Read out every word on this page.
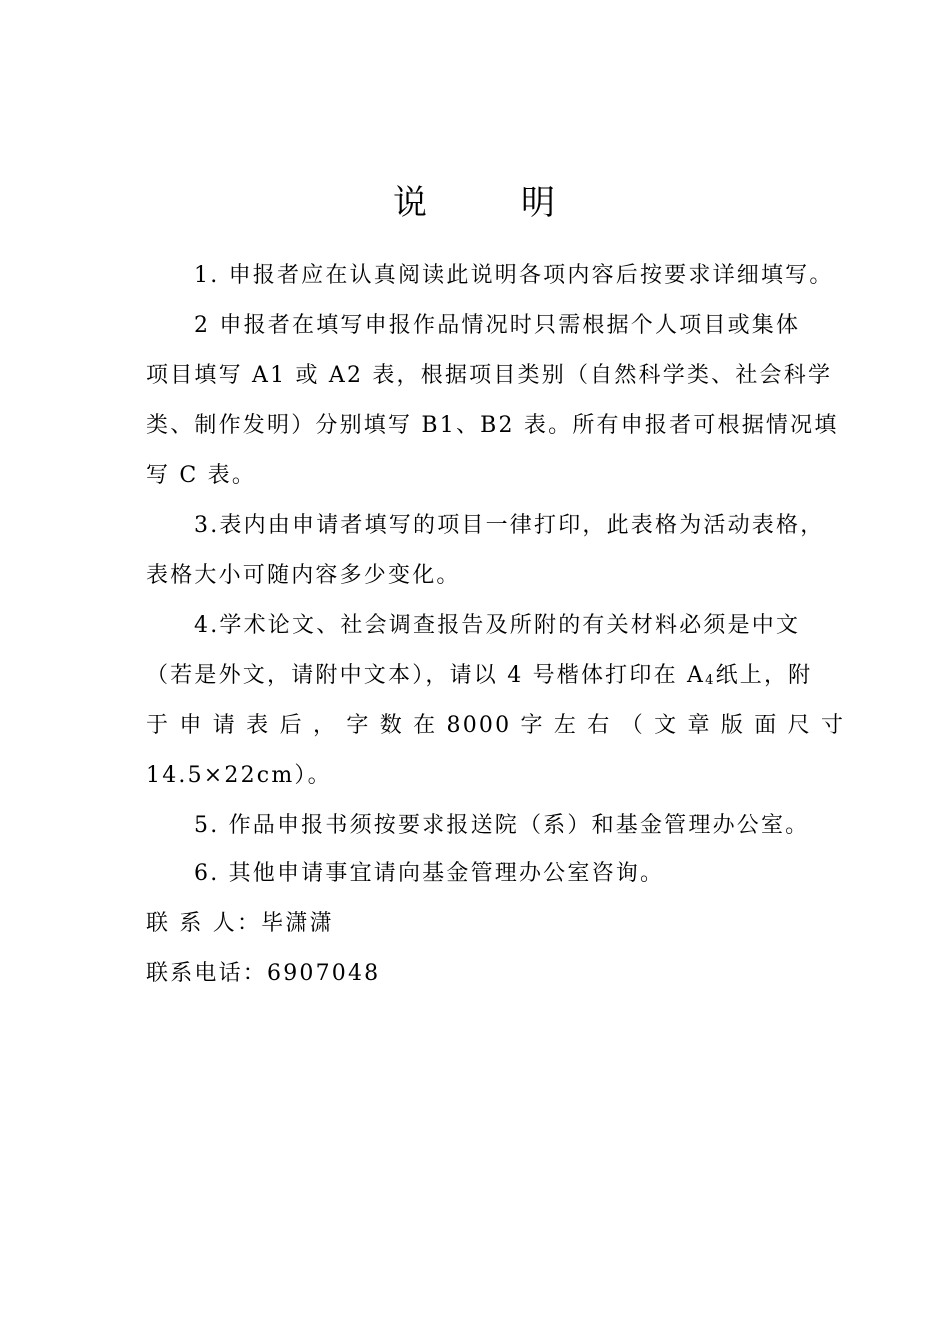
说	明
1. 申报者应在认真阅读此说明各项内容后按要求详细填写。
2 申报者在填写申报作品情况时只需根据个人项目或集体
项目填写 A1 或 A2 表，根据项目类别（自然科学类、社会科学
类、制作发明）分别填写 B1、B2 表。所有申报者可根据情况填
写 C 表。
3.表内由申请者填写的项目一律打印，此表格为活动表格，
表格大小可随内容多少变化。
4.学术论文、社会调查报告及所附的有关材料必须是中文
（若是外文，请附中文本），请以 4 号楷体打印在 $A_4$纸上，附
于 申 请 表 后 ， 字 数 在 8000 字 左 右 （ 文 章 版 面 尺 寸
14.5×22cm）。
5. 作品申报书须按要求报送院（系）和基金管理办公室。
6. 其他申请事宜请向基金管理办公室咨询。
联 系 人：毕潇潇
联系电话：6907048
